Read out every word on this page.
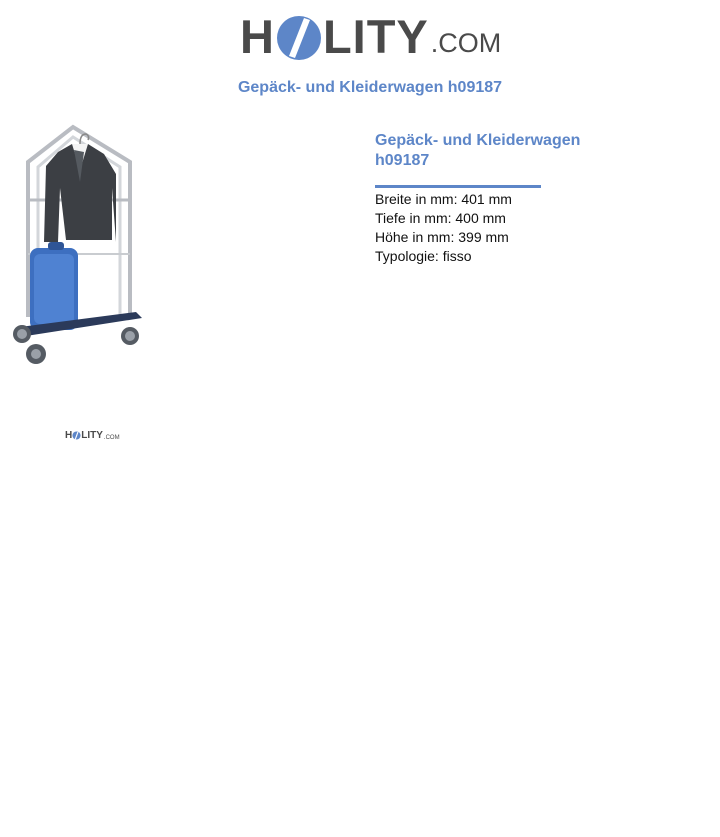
H LITY .COM
Gepäck- und Kleiderwagen h09187
H LITY .COM
Gepäck- und Kleiderwagen h09187
Breite in mm: 401 mm
Tiefe in mm: 400 mm
Höhe in mm: 399 mm
Typologie: fisso
